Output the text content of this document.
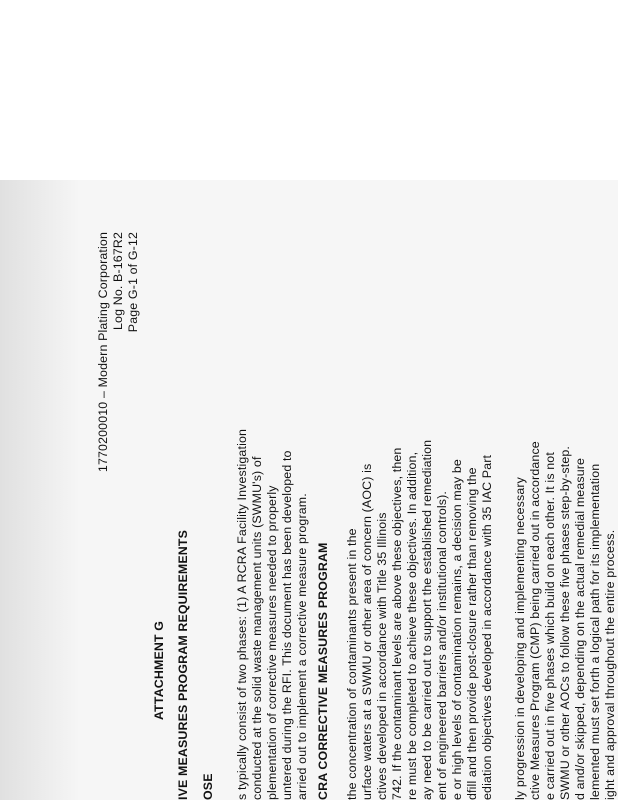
1770200010 – Modern Plating Corporation Log No. B-167R2 Page G-1 of G-12
ATTACHMENT G IVE MEASURES PROGRAM REQUIREMENTS OSE s typically consist of two phases: (1) A RCRA Facility Investigation conducted at the solid waste management units (SWMU's) of plementation of corrective measures needed to properly untered during the RFI. This document has been developed to arried out to implement a corrective measure program. CRA CORRECTIVE MEASURES PROGRAM the concentration of contaminants present in the urface waters at a SWMU or other area of concern (AOC) is ctives developed in accordance with Title 35 Illinois 742. If the contaminant levels are above these objectives, then re must be completed to achieve these objectives. In addition, ay need to be carried out to support the established remediation ent of engineered barriers and/or institutional controls). e or high levels of contamination remains, a decision may be dfill and then provide post-closure rather than removing the ediation objectives developed in accordance with 35 IAC Part ly progression in developing and implementing necessary ctive Measures Program (CMP) being carried out in accordance e carried out in five phases which build on each other. It is not SWMU or other AOCs to follow these five phases step-by-step. d and/or skipped, depending on the actual remedial measure lemented must set forth a logical path for its implementation ight and approval throughout the entire process.
